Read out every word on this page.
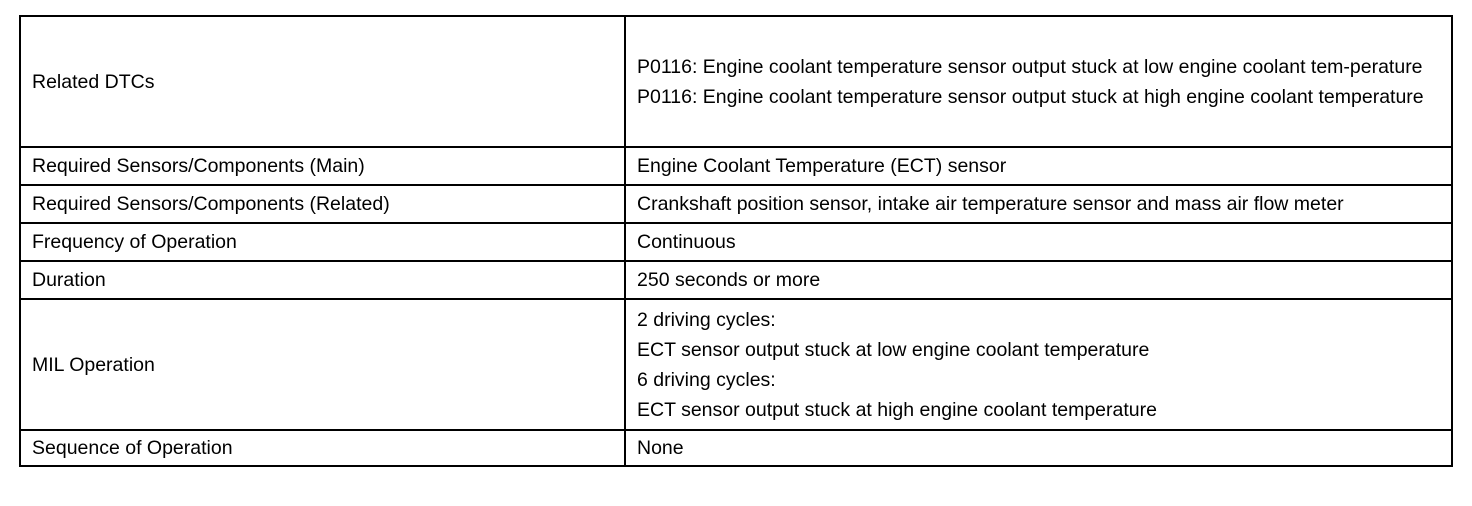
Related DTCs	P0116: Engine coolant temperature sensor output stuck at low engine coolant tem-perature
P0116: Engine coolant temperature sensor output stuck at high engine coolant temperature

Required Sensors/Components (Main)	Engine Coolant Temperature (ECT) sensor
Required Sensors/Components (Related)	Crankshaft position sensor, intake air temperature sensor and mass air flow meter
Frequency of Operation	Continuous
Duration	250 seconds or more
MIL Operation	2 driving cycles:
ECT sensor output stuck at low engine coolant temperature
6 driving cycles:
ECT sensor output stuck at high engine coolant temperature

Sequence of Operation	None
